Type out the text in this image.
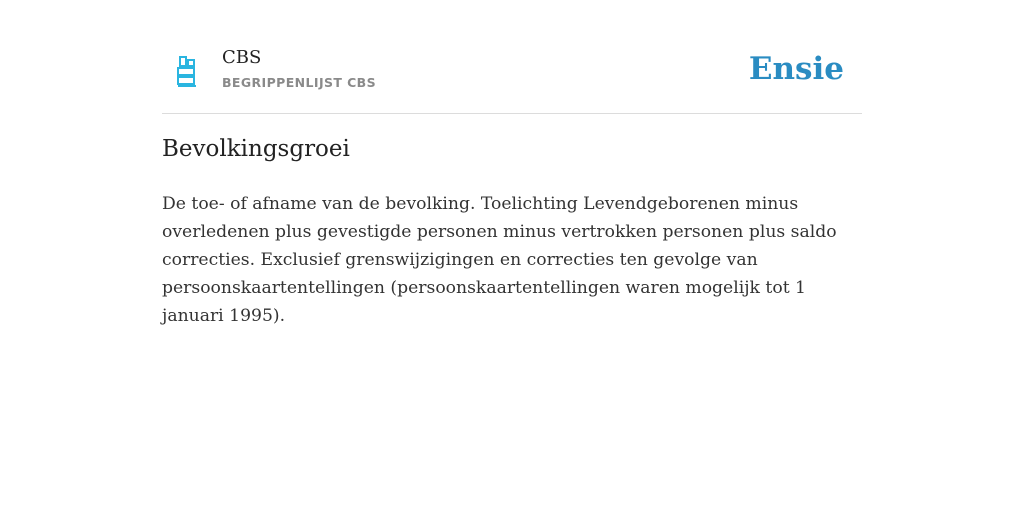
CBS
BEGRIPPENLIJST CBS	Ensie
Bevolkingsgroei

De toe- of afname van de bevolking. Toelichting Levendgeborenen minus overledenen plus gevestigde personen minus vertrokken personen plus saldo correcties. Exclusief grenswijzigingen en correcties ten gevolge van persoonskaartentellingen (persoonskaartentellingen waren mogelijk tot 1 januari 1995).
